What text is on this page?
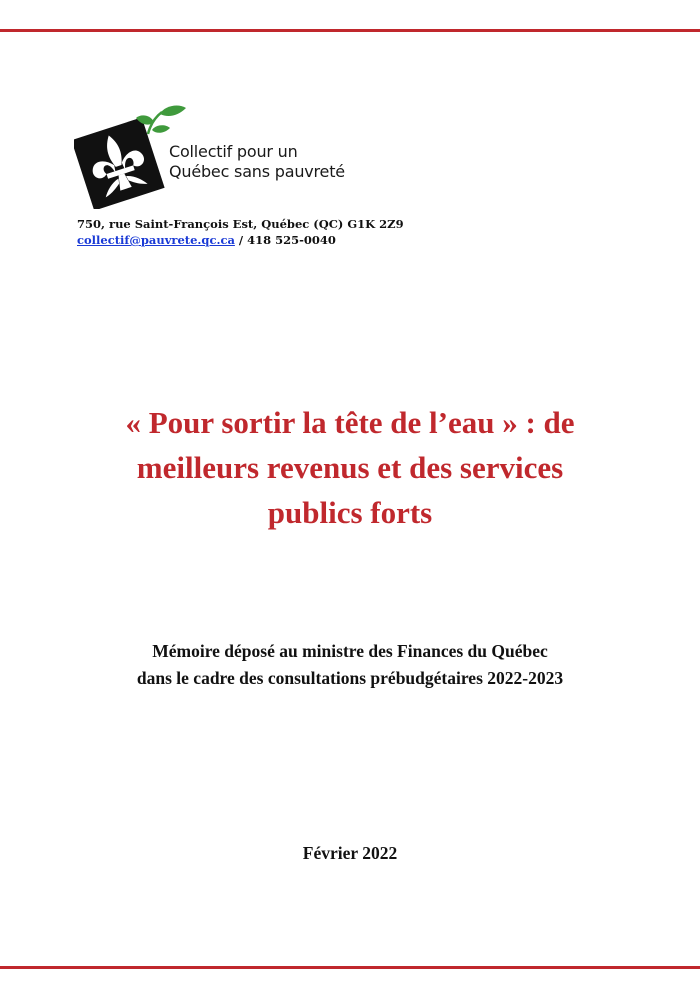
Collectif pour un
Québec sans pauvreté
750, rue Saint-François Est, Québec (QC) G1K 2Z9
collectif@pauvrete.qc.ca / 418 525-0040
« Pour sortir la tête de l’eau » : de
meilleurs revenus et des services
publics forts
Mémoire déposé au ministre des Finances du Québec
dans le cadre des consultations prébudgétaires 2022-2023
Février 2022
